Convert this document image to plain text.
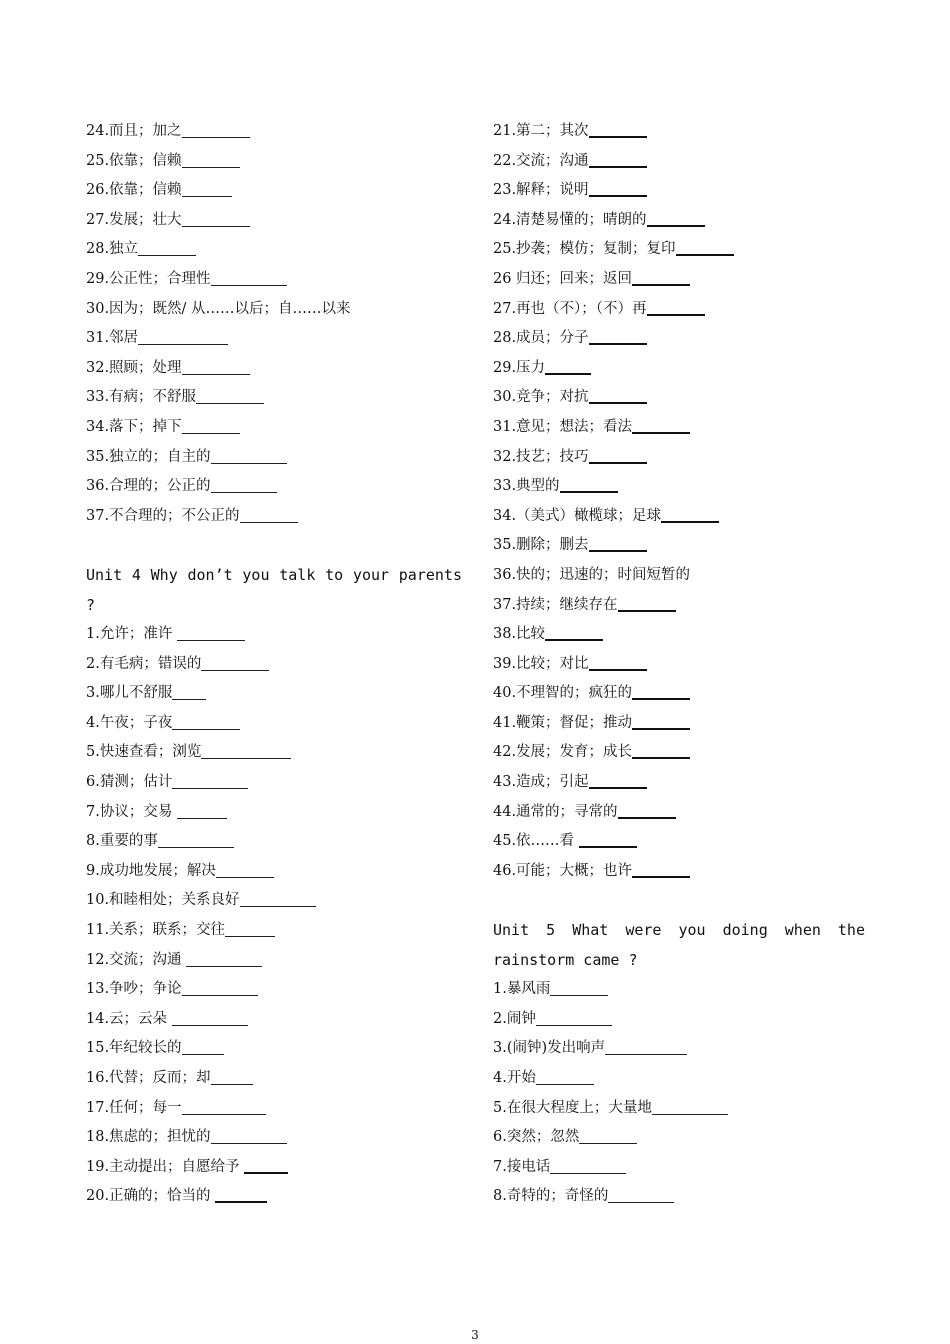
24.而且；加之
25.依靠；信赖
26.依靠；信赖
27.发展；壮大
28.独立
29.公正性；合理性
30.因为；既然/ 从……以后；自……以来
31.邻居
32.照顾；处理
33.有病；不舒服
34.落下；掉下
35.独立的；自主的
36.合理的；公正的
37.不合理的；不公正的
Unit 4 Why don’t you talk to your parents ?
1.允许；准许
2.有毛病；错误的
3.哪儿不舒服
4.午夜；子夜
5.快速查看；浏览
6.猜测；估计
7.协议；交易
8.重要的事
9.成功地发展；解决
10.和睦相处；关系良好
11.关系；联系；交往
12.交流；沟通
13.争吵；争论
14.云；云朵
15.年纪较长的
16.代替；反而；却
17.任何；每一
18.焦虑的；担忧的
19.主动提出；自愿给予
20.正确的；恰当的
21.第二；其次
22.交流；沟通
23.解释；说明
24.清楚易懂的；晴朗的
25.抄袭；模仿；复制；复印
26 归还；回来；返回
27.再也（不）；（不）再
28.成员；分子
29.压力
30.竞争；对抗
31.意见；想法；看法
32.技艺；技巧
33.典型的
34.（美式）橄榄球；足球
35.删除；删去
36.快的；迅速的；时间短暂的
37.持续；继续存在
38.比较
39.比较；对比
40.不理智的；疯狂的
41.鞭策；督促；推动
42.发展；发育；成长
43.造成；引起
44.通常的；寻常的
45.依……看
46.可能；大概；也许
Unit 5 What were you doing when the rainstorm came ?
1.暴风雨
2.闹钟
3.(闹钟)发出响声
4.开始
5.在很大程度上；大量地
6.突然；忽然
7.接电话
8.奇特的；奇怪的
3
